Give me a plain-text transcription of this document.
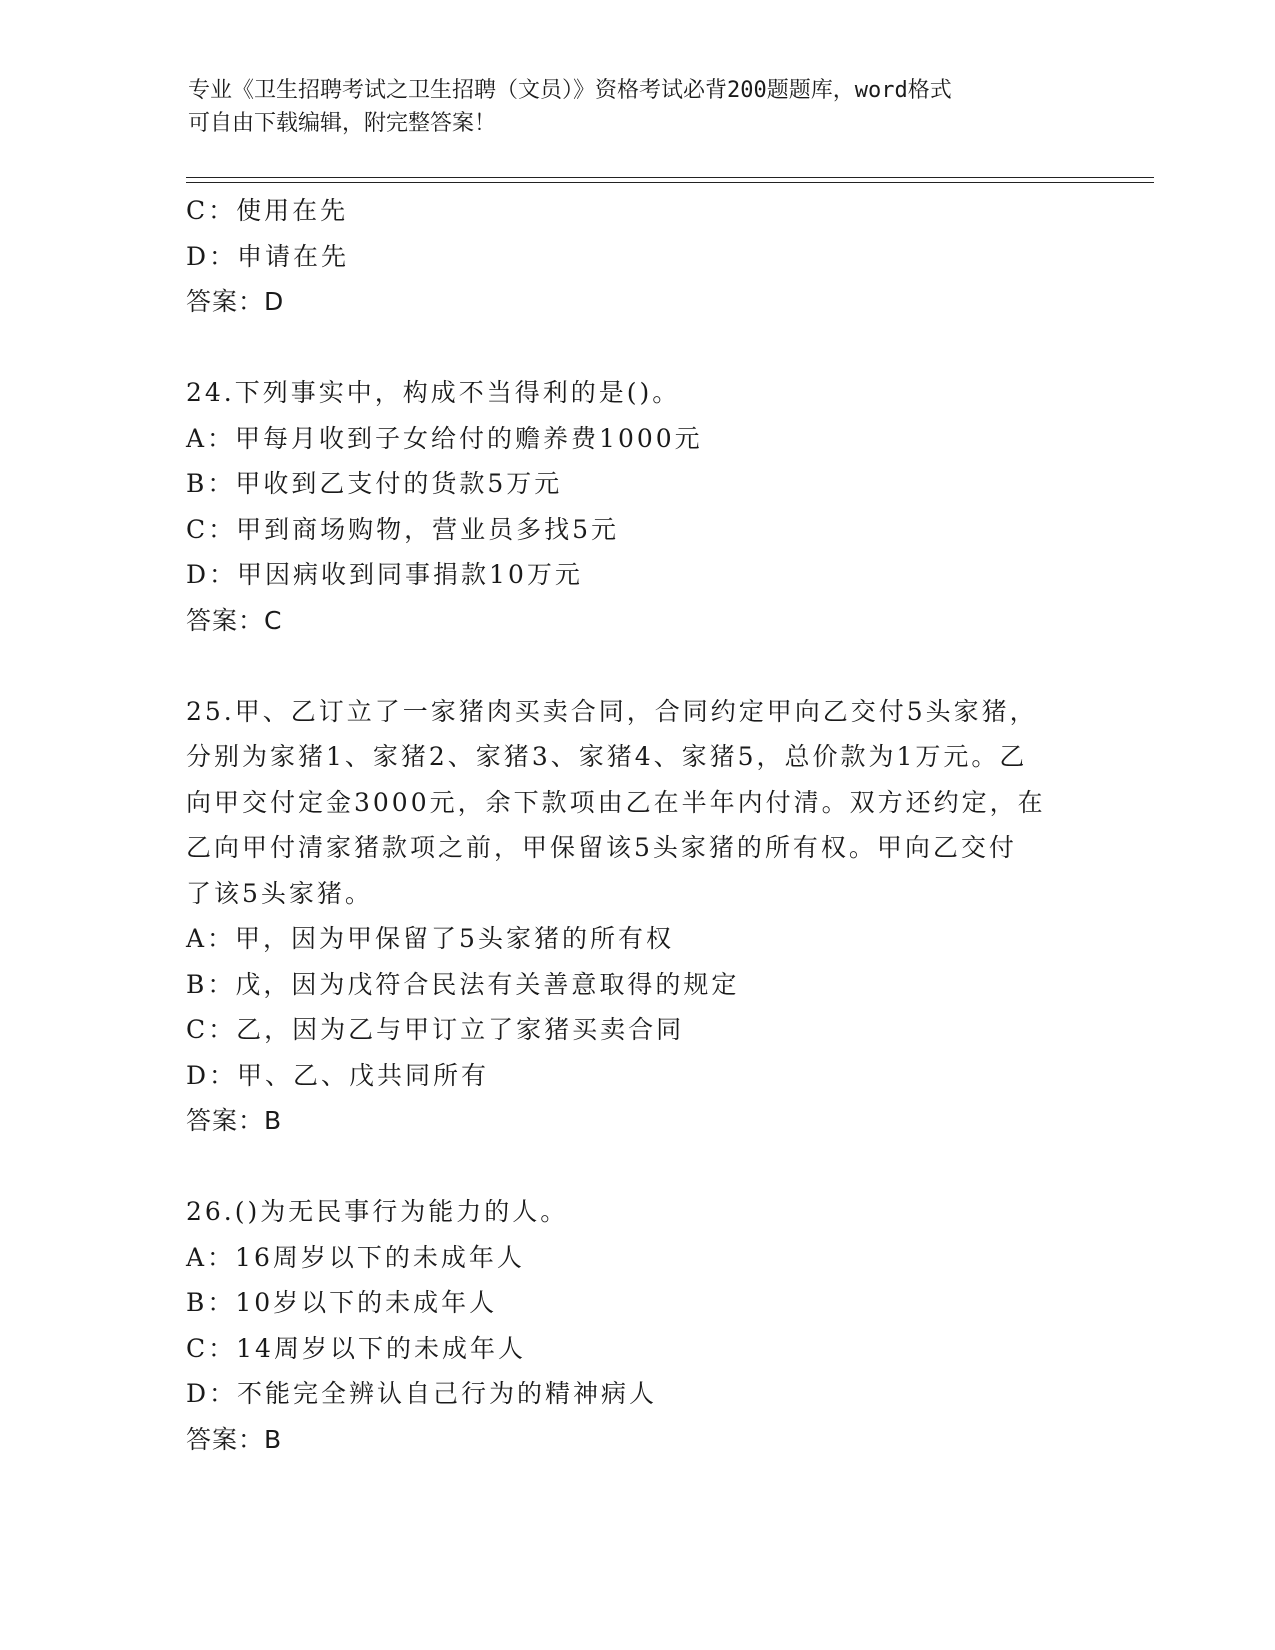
专业《卫生招聘考试之卫生招聘（文员）》资格考试必背200题题库，word格式
可自由下载编辑，附完整答案！
C：使用在先
D：申请在先
答案：D
24.下列事实中，构成不当得利的是()。
A：甲每月收到子女给付的赡养费1000元
B：甲收到乙支付的货款5万元
C：甲到商场购物，营业员多找5元
D：甲因病收到同事捐款10万元
答案：C
25.甲、乙订立了一家猪肉买卖合同，合同约定甲向乙交付5头家猪，
分别为家猪1、家猪2、家猪3、家猪4、家猪5，总价款为1万元。乙
向甲交付定金3000元，余下款项由乙在半年内付清。双方还约定，在
乙向甲付清家猪款项之前，甲保留该5头家猪的所有权。甲向乙交付
了该5头家猪。
A：甲，因为甲保留了5头家猪的所有权
B：戊，因为戊符合民法有关善意取得的规定
C：乙，因为乙与甲订立了家猪买卖合同
D：甲、乙、戊共同所有
答案：B
26.()为无民事行为能力的人。
A：16周岁以下的未成年人
B：10岁以下的未成年人
C：14周岁以下的未成年人
D：不能完全辨认自己行为的精神病人
答案：B
